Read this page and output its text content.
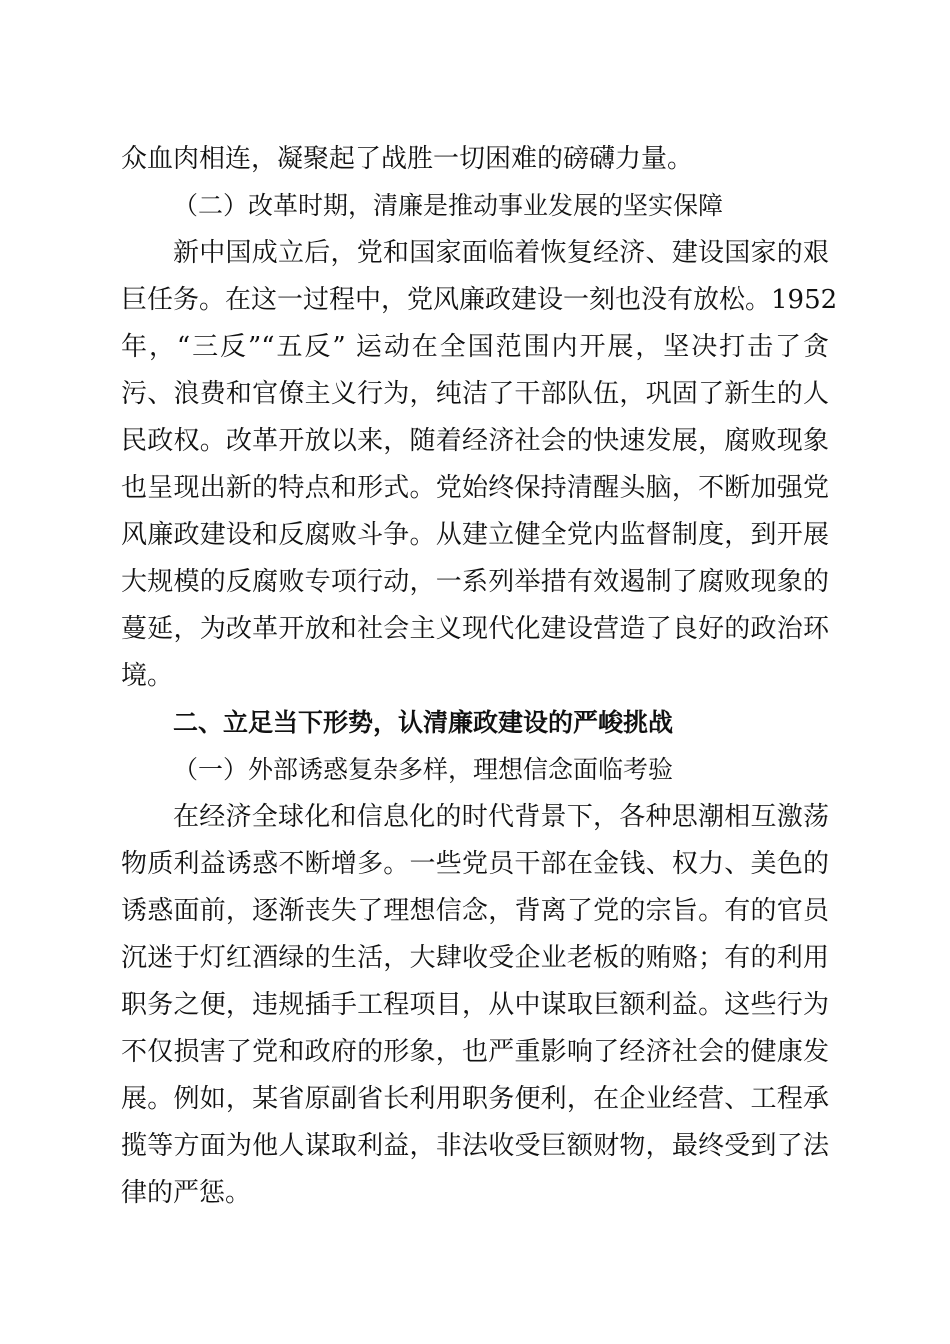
众血肉相连，凝聚起了战胜一切困难的磅礴力量。
（二）改革时期，清廉是推动事业发展的坚实保障
新中国成立后，党和国家面临着恢复经济、建设国家的艰
巨任务。在这一过程中，党风廉政建设一刻也没有放松。1952
年，“三反”“五反” 运动在全国范围内开展，坚决打击了贪
污、浪费和官僚主义行为，纯洁了干部队伍，巩固了新生的人
民政权。改革开放以来，随着经济社会的快速发展，腐败现象
也呈现出新的特点和形式。党始终保持清醒头脑，不断加强党
风廉政建设和反腐败斗争。从建立健全党内监督制度，到开展
大规模的反腐败专项行动，一系列举措有效遏制了腐败现象的
蔓延，为改革开放和社会主义现代化建设营造了良好的政治环
境。
二、立足当下形势，认清廉政建设的严峻挑战
（一）外部诱惑复杂多样，理想信念面临考验
在经济全球化和信息化的时代背景下，各种思潮相互激荡
物质利益诱惑不断增多。一些党员干部在金钱、权力、美色的
诱惑面前，逐渐丧失了理想信念，背离了党的宗旨。有的官员
沉迷于灯红酒绿的生活，大肆收受企业老板的贿赂；有的利用
职务之便，违规插手工程项目，从中谋取巨额利益。这些行为
不仅损害了党和政府的形象，也严重影响了经济社会的健康发
展。例如，某省原副省长利用职务便利，在企业经营、工程承
揽等方面为他人谋取利益，非法收受巨额财物，最终受到了法
律的严惩。
